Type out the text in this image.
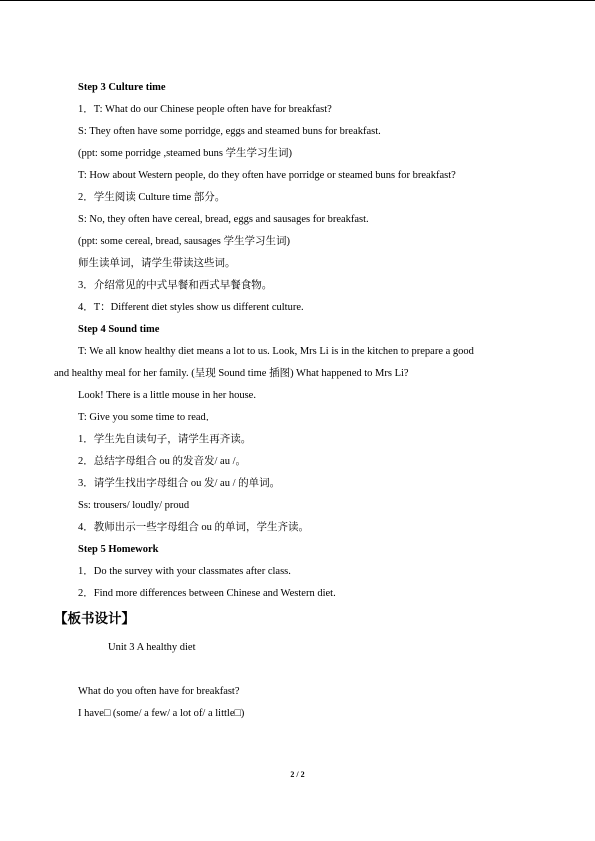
Step 3 Culture time
1．T: What do our Chinese people often have for breakfast?
S: They often have some porridge, eggs and steamed buns for breakfast.
(ppt: some porridge ,steamed buns 学生学习生词)
T: How about Western people, do they often have porridge or steamed buns for breakfast?
2．学生阅读 Culture time 部分。
S: No, they often have cereal, bread, eggs and sausages for breakfast.
(ppt: some cereal, bread, sausages 学生学习生词)
师生读单词，请学生带读这些词。
3．介绍常见的中式早餐和西式早餐食物。
4．T：Different diet styles show us different culture.
Step 4 Sound time
T: We all know healthy diet means a lot to us. Look, Mrs Li is in the kitchen to prepare a good
and healthy meal for her family. (呈现 Sound time 插图) What happened to Mrs Li?
Look! There is a little mouse in her house.
T: Give you some time to read．
1．学生先自读句子，请学生再齐读。
2．总结字母组合 ou 的发音发/ au /。
3．请学生找出字母组合 ou 发/ au / 的单词。
Ss: trousers/ loudly/ proud
4．教师出示一些字母组合 ou 的单词，学生齐读。
Step 5 Homework
1．Do the survey with your classmates after class.
2．Find more differences between Chinese and Western diet.
【板书设计】
Unit 3 A healthy diet
What do you often have for breakfast?
I have□ (some/ a few/ a lot of/ a little□)
2 / 2
